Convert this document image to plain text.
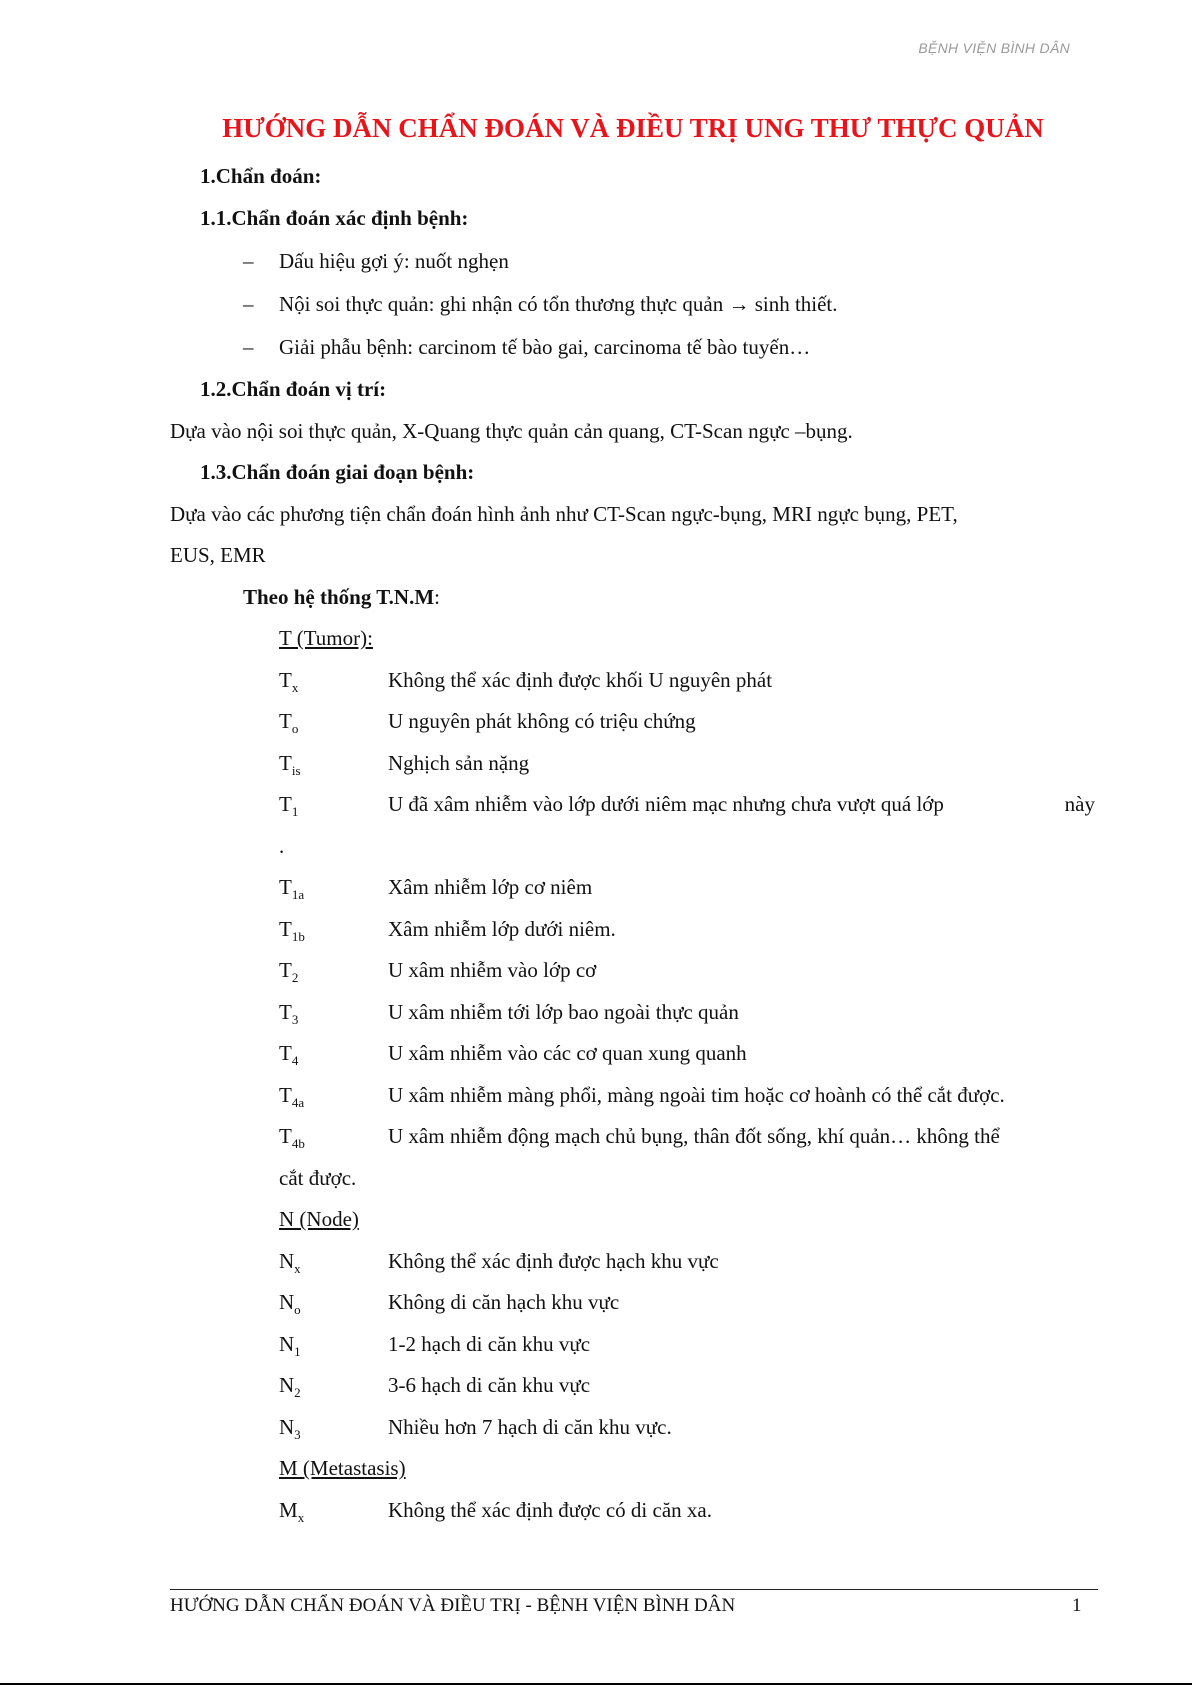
BỆNH VIỆN BÌNH DÂN
HƯỚNG DẪN CHẨN ĐOÁN VÀ ĐIỀU TRỊ UNG THƯ THỰC QUẢN
1.Chẩn đoán:
1.1.Chẩn đoán xác định bệnh:
– Dấu hiệu gợi ý: nuốt nghẹn
– Nội soi thực quản: ghi nhận có tổn thương thực quản → sinh thiết.
– Giải phẫu bệnh: carcinom tế bào gai, carcinoma tế bào tuyến…
1.2.Chẩn đoán vị trí:
Dựa vào nội soi thực quản, X-Quang thực quản cản quang, CT-Scan ngực –bụng.
1.3.Chẩn đoán giai đoạn bệnh:
Dựa vào các phương tiện chẩn đoán hình ảnh như CT-Scan ngực-bụng, MRI ngực bụng, PET,
EUS, EMR
Theo hệ thống T.N.M:
T (Tumor):
$T_x$	Không thể xác định được khối U nguyên phát
$T_o$	U nguyên phát không có triệu chứng
$T_{is}$	Nghịch sản nặng
$T_1$	U đã xâm nhiễm vào lớp dưới niêm mạc nhưng chưa vượt quá lớp	này
.
$T_{1a}$	Xâm nhiễm lớp cơ niêm
$T_{1b}$	Xâm nhiễm lớp dưới niêm.
$T_2$	U xâm nhiễm vào lớp cơ
$T_3$	U xâm nhiễm tới lớp bao ngoài thực quản
$T_4$	U xâm nhiễm vào các cơ quan xung quanh
$T_{4a}$	U xâm nhiễm màng phổi, màng ngoài tim hoặc cơ hoành có thể cắt được.
$T_{4b}$	U xâm nhiễm động mạch chủ bụng, thân đốt sống, khí quản… không thể
cắt được.
N (Node)
$N_x$	Không thể xác định được hạch khu vực
$N_o$	Không di căn hạch khu vực
$N_1$	1-2 hạch di căn khu vực
$N_2$	3-6 hạch di căn khu vực
$N_3$	Nhiều hơn 7 hạch di căn khu vực.
M (Metastasis)
$M_x$	Không thể xác định được có di căn xa.
HƯỚNG DẪN CHẨN ĐOÁN VÀ ĐIỀU TRỊ - BỆNH VIỆN BÌNH DÂN	1
